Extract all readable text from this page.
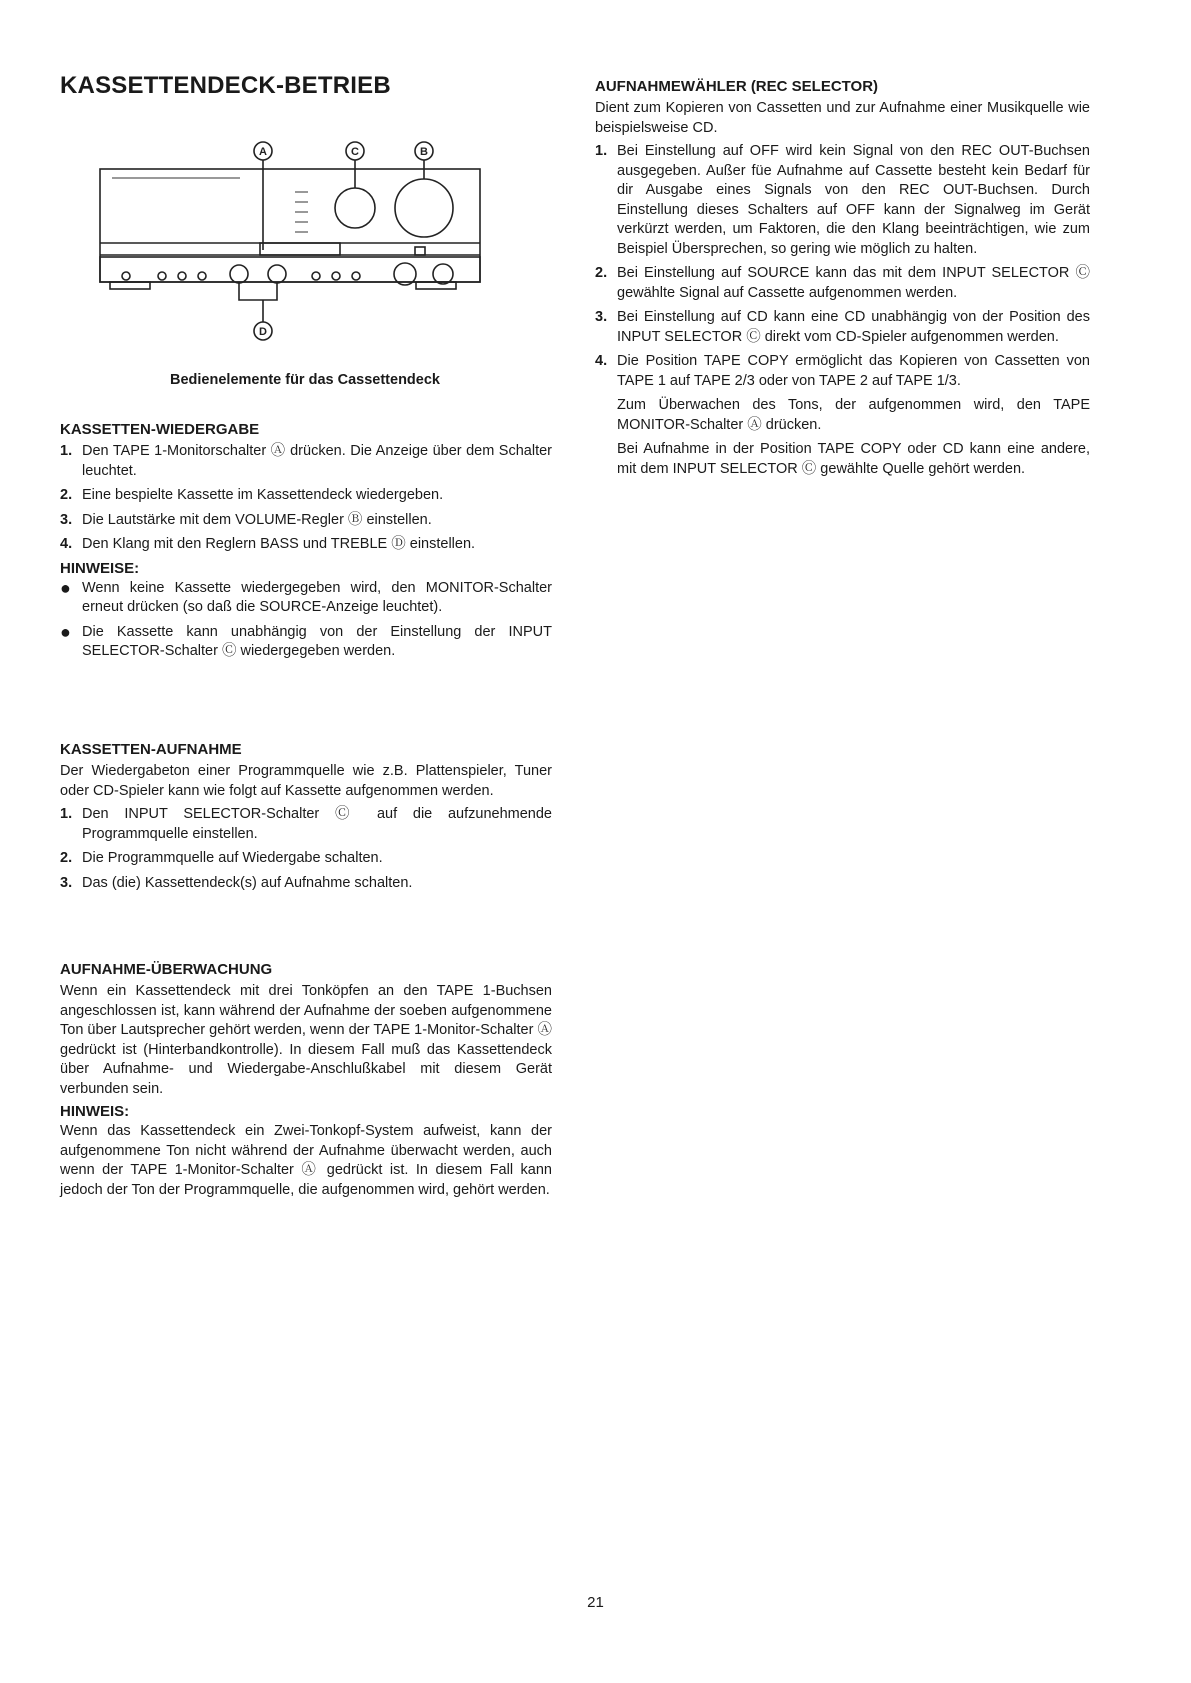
KASSETTENDECK-BETRIEB
A	C	B
D
Bedienelemente für das Cassettendeck
KASSETTEN-WIEDERGABE
1. Den TAPE 1-Monitorschalter Ⓐ drücken. Die Anzeige über dem Schalter leuchtet.
2. Eine bespielte Kassette im Kassettendeck wiedergeben.
3. Die Lautstärke mit dem VOLUME-Regler Ⓑ einstellen.
4. Den Klang mit den Reglern BASS und TREBLE Ⓓ einstellen.
HINWEISE:
● Wenn keine Kassette wiedergegeben wird, den MONITOR-Schalter erneut drücken (so daß die SOURCE-Anzeige leuchtet).
● Die Kassette kann unabhängig von der Einstellung der INPUT SELECTOR-Schalter Ⓒ wiedergegeben werden.
KASSETTEN-AUFNAHME

Der Wiedergabeton einer Programmquelle wie z.B. Plattenspieler, Tuner oder CD-Spieler kann wie folgt auf Kassette aufgenommen werden.

1. Den INPUT SELECTOR-Schalter Ⓒ auf die aufzunehmende Programmquelle einstellen.
2. Die Programmquelle auf Wiedergabe schalten.
3. Das (die) Kassettendeck(s) auf Aufnahme schalten.
AUFNAHME-ÜBERWACHUNG

Wenn ein Kassettendeck mit drei Tonköpfen an den TAPE 1-Buchsen angeschlossen ist, kann während der Aufnahme der soeben aufgenommene Ton über Lautsprecher gehört werden, wenn der TAPE 1-Monitor-Schalter Ⓐ gedrückt ist (Hinterbandkontrolle). In diesem Fall muß das Kassettendeck über Aufnahme- und Wiedergabe-Anschlußkabel mit diesem Gerät verbunden sein.

HINWEIS:

Wenn das Kassettendeck ein Zwei-Tonkopf-System aufweist, kann der aufgenommene Ton nicht während der Aufnahme überwacht werden, auch wenn der TAPE 1-Monitor-Schalter Ⓐ gedrückt ist. In diesem Fall kann jedoch der Ton der Programmquelle, die aufgenommen wird, gehört werden.

AUFNAHMEWÄHLER (REC SELECTOR)

Dient zum Kopieren von Cassetten und zur Aufnahme einer Musikquelle wie beispielsweise CD.

1. Bei Einstellung auf OFF wird kein Signal von den REC OUT-Buchsen ausgegeben. Außer füe Aufnahme auf Cassette besteht kein Bedarf für dir Ausgabe eines Signals von den REC OUT-Buchsen. Durch Einstellung dieses Schalters auf OFF kann der Signalweg im Gerät verkürzt werden, um Faktoren, die den Klang beeinträchtigen, wie zum Beispiel Übersprechen, so gering wie möglich zu halten.
2. Bei Einstellung auf SOURCE kann das mit dem INPUT SELECTOR Ⓒ gewählte Signal auf Cassette aufgenommen werden.
3. Bei Einstellung auf CD kann eine CD unabhängig von der Position des INPUT SELECTOR Ⓒ direkt vom CD-Spieler aufgenommen werden.
4. Die Position TAPE COPY ermöglicht das Kopieren von Cassetten von TAPE 1 auf TAPE 2/3 oder von TAPE 2 auf TAPE 1/3.

Zum Überwachen des Tons, der aufgenommen wird, den TAPE MONITOR-Schalter Ⓐ drücken.

Bei Aufnahme in der Position TAPE COPY oder CD kann eine andere, mit dem INPUT SELECTOR Ⓒ gewählte Quelle gehört werden.

21
